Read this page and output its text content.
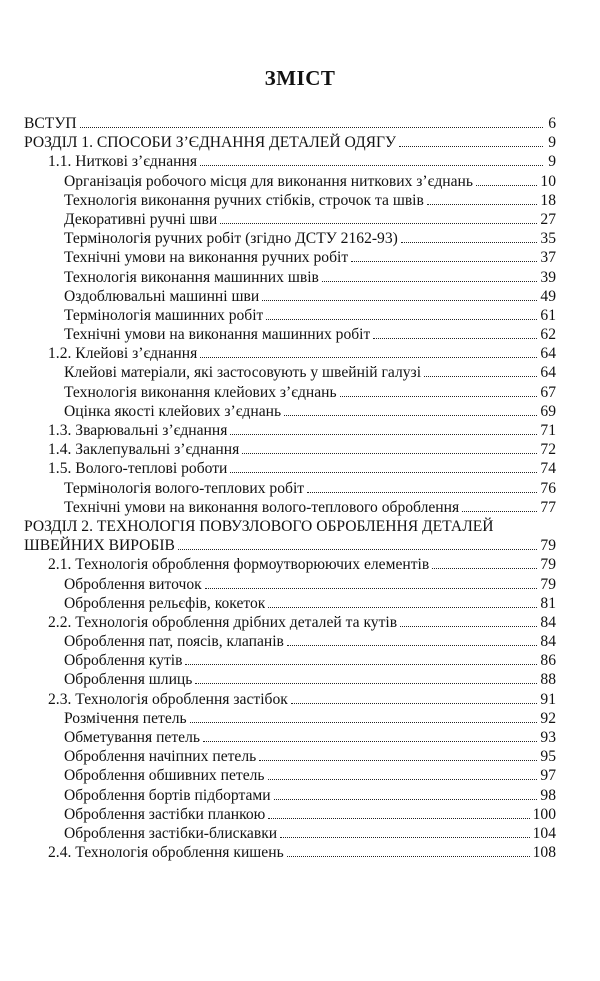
ЗМІСТ
ВСТУП	6
РОЗДІЛ 1. СПОСОБИ З’ЄДНАННЯ ДЕТАЛЕЙ ОДЯГУ	9
1.1. Ниткові з’єднання	9
Організація робочого місця для виконання ниткових з’єднань	10
Технологія виконання ручних стібків, строчок та швів	18
Декоративні ручні шви	27
Термінологія ручних робіт (згідно ДСТУ 2162-93)	35
Технічні умови на виконання ручних робіт	37
Технологія виконання машинних швів	39
Оздоблювальні машинні шви	49
Термінологія машинних робіт	61
Технічні умови на виконання машинних робіт	62
1.2. Клейові з’єднання	64
Клейові матеріали, які застосовують у швейній галузі	64
Технологія виконання клейових з’єднань	67
Оцінка якості клейових з’єднань	69
1.3. Зварювальні з’єднання	71
1.4. Заклепувальні з’єднання	72
1.5. Волого-теплові роботи	74
Термінологія волого-теплових робіт	76
Технічні умови на виконання волого-теплового оброблення	77
РОЗДІЛ 2. ТЕХНОЛОГІЯ ПОВУЗЛОВОГО ОБРОБЛЕННЯ ДЕТАЛЕЙ
ШВЕЙНИХ ВИРОБІВ	79
2.1. Технологія оброблення формоутворюючих елементів	79
Оброблення виточок	79
Оброблення рельєфів, кокеток	81
2.2. Технологія оброблення дрібних деталей та кутів	84
Оброблення пат, поясів, клапанів	84
Оброблення кутів	86
Оброблення шлиць	88
2.3. Технологія оброблення застібок	91
Розмічення петель	92
Обметування петель	93
Оброблення начіпних петель	95
Оброблення обшивних петель	97
Оброблення бортів підбортами	98
Оброблення застібки планкою	100
Оброблення застібки-блискавки	104
2.4. Технологія оброблення кишень	108
